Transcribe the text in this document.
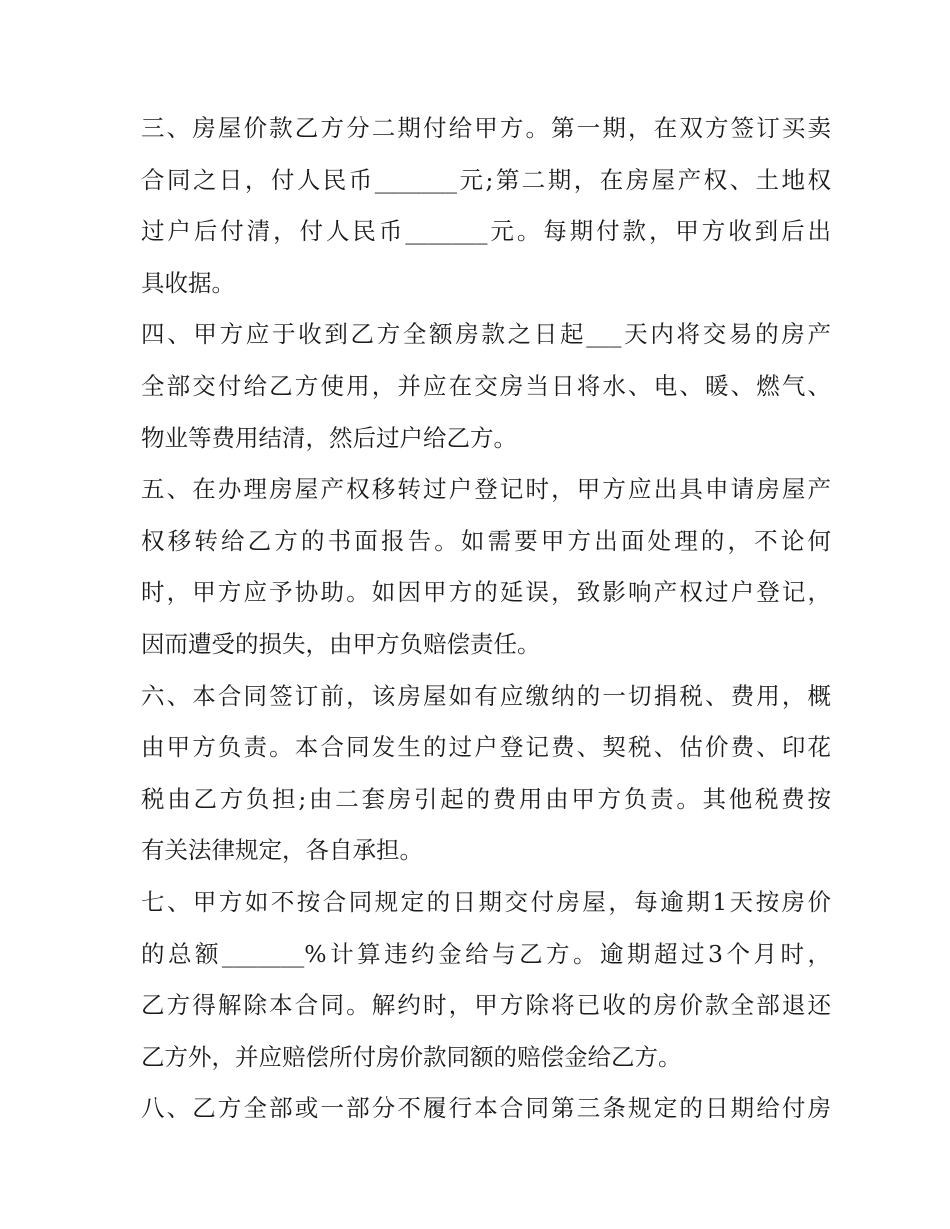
三、房屋价款乙方分二期付给甲方。第一期，在双方签订买卖
合同之日，付人民币_______元;第二期，在房屋产权、土地权
过户后付清，付人民币_______元。每期付款，甲方收到后出
具收据。
四、甲方应于收到乙方全额房款之日起___天内将交易的房产
全部交付给乙方使用，并应在交房当日将水、电、暖、燃气、
物业等费用结清，然后过户给乙方。
五、在办理房屋产权移转过户登记时，甲方应出具申请房屋产
权移转给乙方的书面报告。如需要甲方出面处理的，不论何
时，甲方应予协助。如因甲方的延误，致影响产权过户登记，
因而遭受的损失，由甲方负赔偿责任。
六、本合同签订前，该房屋如有应缴纳的一切捐税、费用，概
由甲方负责。本合同发生的过户登记费、契税、估价费、印花
税由乙方负担;由二套房引起的费用由甲方负责。其他税费按
有关法律规定，各自承担。
七、甲方如不按合同规定的日期交付房屋，每逾期1天按房价
的总额_______%计算违约金给与乙方。逾期超过3个月时，
乙方得解除本合同。解约时，甲方除将已收的房价款全部退还
乙方外，并应赔偿所付房价款同额的赔偿金给乙方。
八、乙方全部或一部分不履行本合同第三条规定的日期给付房
